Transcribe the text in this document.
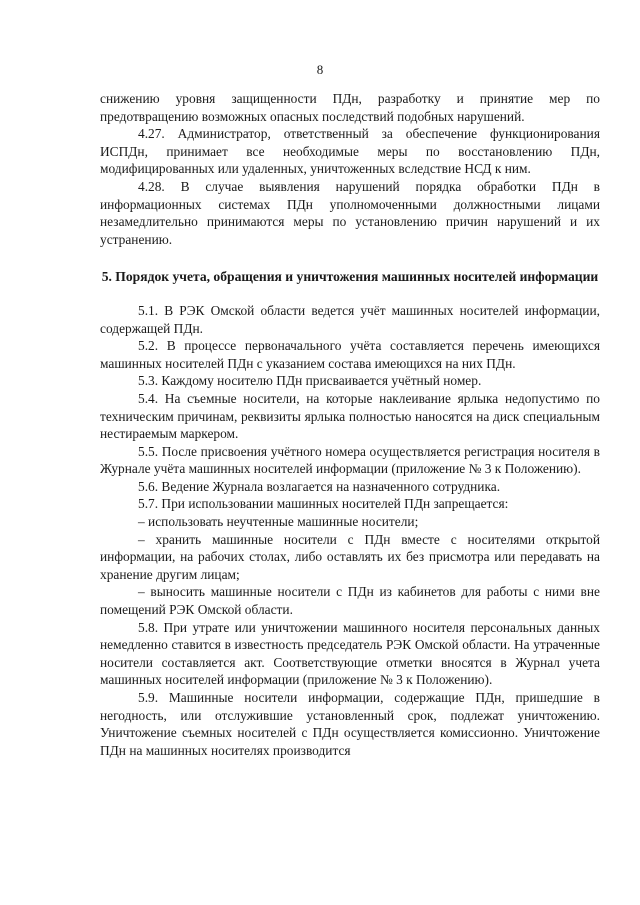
8

снижению уровня защищенности ПДн, разработку и принятие мер по предотвращению возможных опасных последствий подобных нарушений.

4.27. Администратор, ответственный за обеспечение функционирования ИСПДн, принимает все необходимые меры по восстановлению ПДн, модифицированных или удаленных, уничтоженных вследствие НСД к ним.

4.28. В случае выявления нарушений порядка обработки ПДн в информационных системах ПДн уполномоченными должностными лицами незамедлительно принимаются меры по установлению причин нарушений и их устранению.

5. Порядок учета, обращения и уничтожения машинных носителей информации

5.1. В РЭК Омской области ведется учёт машинных носителей информации, содержащей ПДн.

5.2. В процессе первоначального учёта составляется перечень имеющихся машинных носителей ПДн с указанием состава имеющихся на них ПДн.

5.3. Каждому носителю ПДн присваивается учётный номер.

5.4. На съемные носители, на которые наклеивание ярлыка недопустимо по техническим причинам, реквизиты ярлыка полностью наносятся на диск специальным нестираемым маркером.

5.5. После присвоения учётного номера осуществляется регистрация носителя в Журнале учёта машинных носителей информации (приложение № 3 к Положению).

5.6. Ведение Журнала возлагается на назначенного сотрудника.

5.7. При использовании машинных носителей ПДн запрещается:

– использовать неучтенные машинные носители;

– хранить машинные носители с ПДн вместе с носителями открытой информации, на рабочих столах, либо оставлять их без присмотра или передавать на хранение другим лицам;

– выносить машинные носители с ПДн из кабинетов для работы с ними вне помещений РЭК Омской области.

5.8. При утрате или уничтожении машинного носителя персональных данных немедленно ставится в известность председатель РЭК Омской области. На утраченные носители составляется акт. Соответствующие отметки вносятся в Журнал учета машинных носителей информации (приложение № 3 к Положению).

5.9. Машинные носители информации, содержащие ПДн, пришедшие в негодность, или отслужившие установленный срок, подлежат уничтожению. Уничтожение съемных носителей с ПДн осуществляется комиссионно. Уничтожение ПДн на машинных носителях производится
